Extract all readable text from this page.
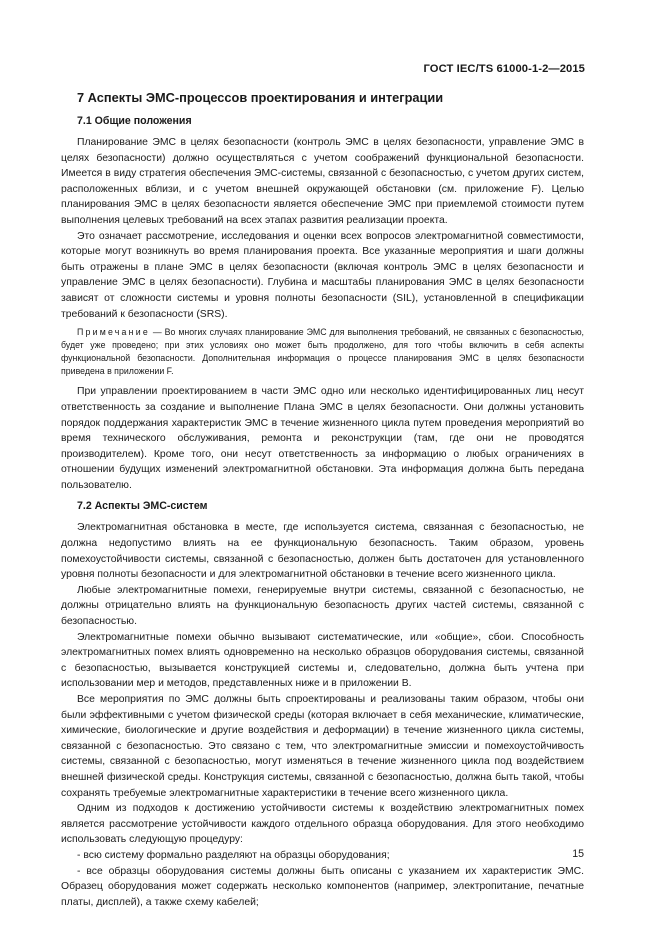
ГОСТ IEC/TS 61000-1-2—2015
7 Аспекты ЭМС-процессов проектирования и интеграции
7.1 Общие положения

Планирование ЭМС в целях безопасности (контроль ЭМС в целях безопасности, управление ЭМС в целях безопасности) должно осуществляться с учетом соображений функциональной безопасности. Имеется в виду стратегия обеспечения ЭМС-системы, связанной с безопасностью, с учетом других систем, расположенных вблизи, и с учетом внешней окружающей обстановки (см. приложение F). Целью планирования ЭМС в целях безопасности является обеспечение ЭМС при приемлемой стоимости путем выполнения целевых требований на всех этапах развития реализации проекта.

Это означает рассмотрение, исследования и оценки всех вопросов электромагнитной совместимости, которые могут возникнуть во время планирования проекта. Все указанные мероприятия и шаги должны быть отражены в плане ЭМС в целях безопасности (включая контроль ЭМС в целях безопасности и управление ЭМС в целях безопасности). Глубина и масштабы планирования ЭМС в целях безопасности зависят от сложности системы и уровня полноты безопасности (SIL), установленной в спецификации требований к безопасности (SRS).

Примечание — Во многих случаях планирование ЭМС для выполнения требований, не связанных с безопасностью, будет уже проведено; при этих условиях оно может быть продолжено, для того чтобы включить в себя аспекты функциональной безопасности. Дополнительная информация о процессе планирования ЭМС в целях безопасности приведена в приложении F.

При управлении проектированием в части ЭМС одно или несколько идентифицированных лиц несут ответственность за создание и выполнение Плана ЭМС в целях безопасности. Они должны установить порядок поддержания характеристик ЭМС в течение жизненного цикла путем проведения мероприятий во время технического обслуживания, ремонта и реконструкции (там, где они не проводятся производителем). Кроме того, они несут ответственность за информацию о любых ограничениях в отношении будущих изменений электромагнитной обстановки. Эта информация должна быть передана пользователю.

7.2 Аспекты ЭМС-систем

Электромагнитная обстановка в месте, где используется система, связанная с безопасностью, не должна недопустимо влиять на ее функциональную безопасность. Таким образом, уровень помехоустойчивости системы, связанной с безопасностью, должен быть достаточен для установленного уровня полноты безопасности и для электромагнитной обстановки в течение всего жизненного цикла.

Любые электромагнитные помехи, генерируемые внутри системы, связанной с безопасностью, не должны отрицательно влиять на функциональную безопасность других частей системы, связанной с безопасностью.

Электромагнитные помехи обычно вызывают систематические, или «общие», сбои. Способность электромагнитных помех влиять одновременно на несколько образцов оборудования системы, связанной с безопасностью, вызывается конструкцией системы и, следовательно, должна быть учтена при использовании мер и методов, представленных ниже и в приложении B.

Все мероприятия по ЭМС должны быть спроектированы и реализованы таким образом, чтобы они были эффективными с учетом физической среды (которая включает в себя механические, климатические, химические, биологические и другие воздействия и деформации) в течение жизненного цикла системы, связанной с безопасностью. Это связано с тем, что электромагнитные эмиссии и помехоустойчивость системы, связанной с безопасностью, могут изменяться в течение жизненного цикла под воздействием внешней физической среды. Конструкция системы, связанной с безопасностью, должна быть такой, чтобы сохранять требуемые электромагнитные характеристики в течение всего жизненного цикла.

Одним из подходов к достижению устойчивости системы к воздействию электромагнитных помех является рассмотрение устойчивости каждого отдельного образца оборудования. Для этого необходимо использовать следующую процедуру:

- всю систему формально разделяют на образцы оборудования;

- все образцы оборудования системы должны быть описаны с указанием их характеристик ЭМС. Образец оборудования может содержать несколько компонентов (например, электропитание, печатные платы, дисплей), а также схему кабелей;

15
